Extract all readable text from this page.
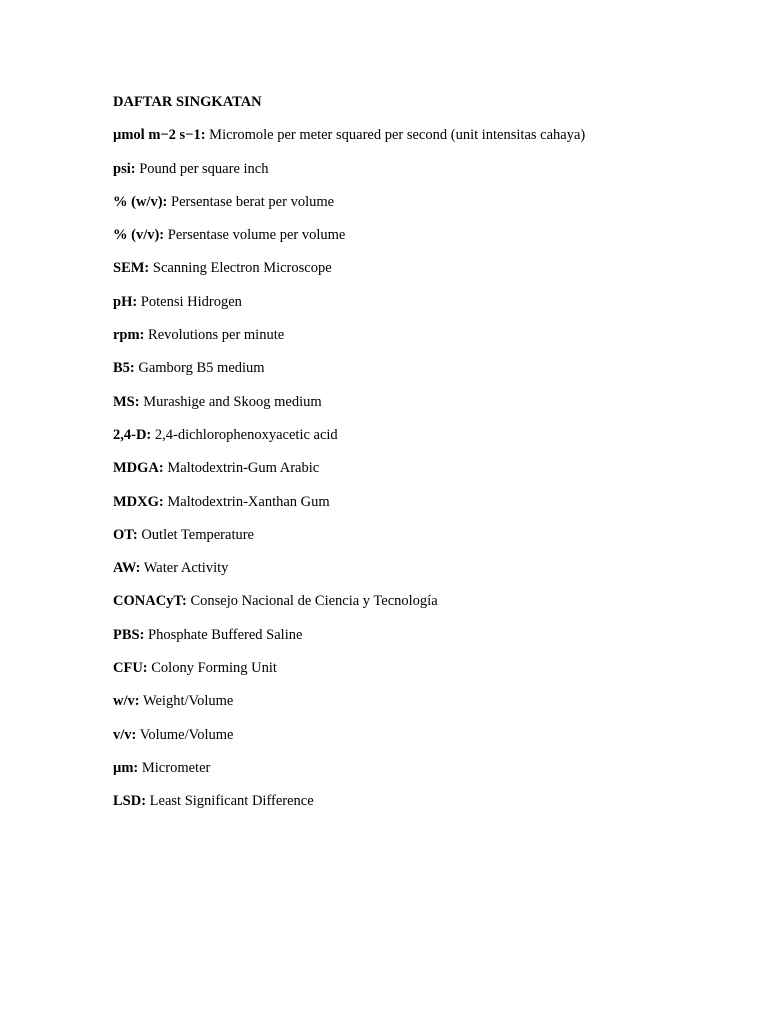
DAFTAR SINGKATAN
µmol m−2 s−1: Micromole per meter squared per second (unit intensitas cahaya)
psi: Pound per square inch
% (w/v): Persentase berat per volume
% (v/v): Persentase volume per volume
SEM: Scanning Electron Microscope
pH: Potensi Hidrogen
rpm: Revolutions per minute
B5: Gamborg B5 medium
MS: Murashige and Skoog medium
2,4-D: 2,4-dichlorophenoxyacetic acid
MDGA: Maltodextrin-Gum Arabic
MDXG: Maltodextrin-Xanthan Gum
OT: Outlet Temperature
AW: Water Activity
CONACyT: Consejo Nacional de Ciencia y Tecnología
PBS: Phosphate Buffered Saline
CFU: Colony Forming Unit
w/v: Weight/Volume
v/v: Volume/Volume
µm: Micrometer
LSD: Least Significant Difference
